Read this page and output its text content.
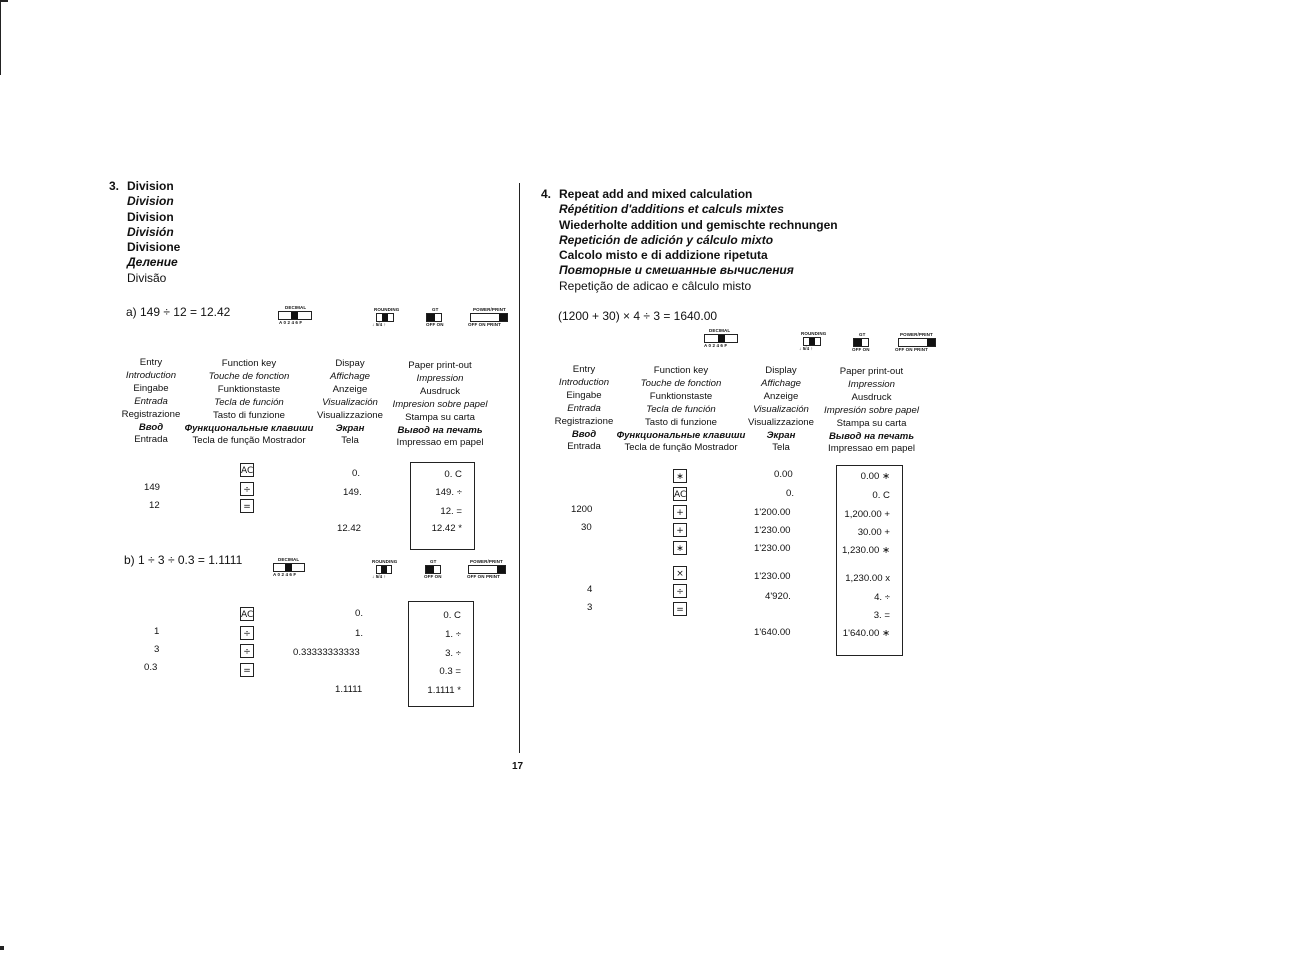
17
3. Division
Division
Division
División
Divisione
Деление
Divisão
a) 149 ÷ 12 = 12.42	DECIMAL
A 0 2 4 6 F
ROUNDING
↓ 5/4 ↑
GT
OFF ON
POWER/PRINT
OFF ON PRINT
Entry
Introduction
Eingabe
Entrada
Registrazione
Ввод
Entrada
Function key
Touche de fonction
Funktionstaste
Tecla de función
Tasto di funzione
Функциональные клавиши
Tecla de função Mostrador
Dispay
Affichage
Anzeige
Visualización
Visualizzazione
Экран
Tela
Paper print-out
Impression
Ausdruck
Impresion sobre papel
Stampa su carta
Вывод на печать
Impressao em papel
149
12
AC
÷
=
0.
149.
12.42
0. C
149. ÷
12. =
12.42 *
b) 1 ÷ 3 ÷ 0.3 = 1.1111	DECIMAL
A 0 2 4 6 F
ROUNDING
↓ 5/4 ↑
GT
OFF ON
POWER/PRINT
OFF ON PRINT
1
3
0.3
AC
÷
÷
=
0.
1.
0.33333333333
1.1111
0. C
1. ÷
3. ÷
0.3 =
1.1111 *
4. Repeat add and mixed calculation
Répétition d'additions et calculs mixtes
Wiederholte addition und gemischte rechnungen
Repetición de adición y cálculo mixto
Calcolo misto e di addizione ripetuta
Повторные и смешанные вычисления
Repetição de adicao e câlculo misto
(1200 + 30) × 4 ÷ 3 = 1640.00
DECIMAL
A 0 2 4 6 F
ROUNDING
↓ 5/4 ↑
GT
OFF ON
POWER/PRINT
OFF ON PRINT
Entry
Introduction
Eingabe
Entrada
Registrazione
Ввод
Entrada
Function key
Touche de fonction
Funktionstaste
Tecla de función
Tasto di funzione
Функциональные клавиши
Tecla de função Mostrador
Display
Affichage
Anzeige
Visualización
Visualizzazione
Экран
Tela
Paper print-out
Impression
Ausdruck
Impresión sobre papel
Stampa su carta
Вывод на печать
Impressao em papel
1200
30
4
3
∗
AC
+
+
∗
×
÷
=
0.00
0.
1'200.00
1'230.00
1'230.00
1'230.00
4'920.
1'640.00
0.00 ∗
0. C
1,200.00 +
30.00 +
1,230.00 ∗
1,230.00 x
4. ÷
3. =
1'640.00 ∗
